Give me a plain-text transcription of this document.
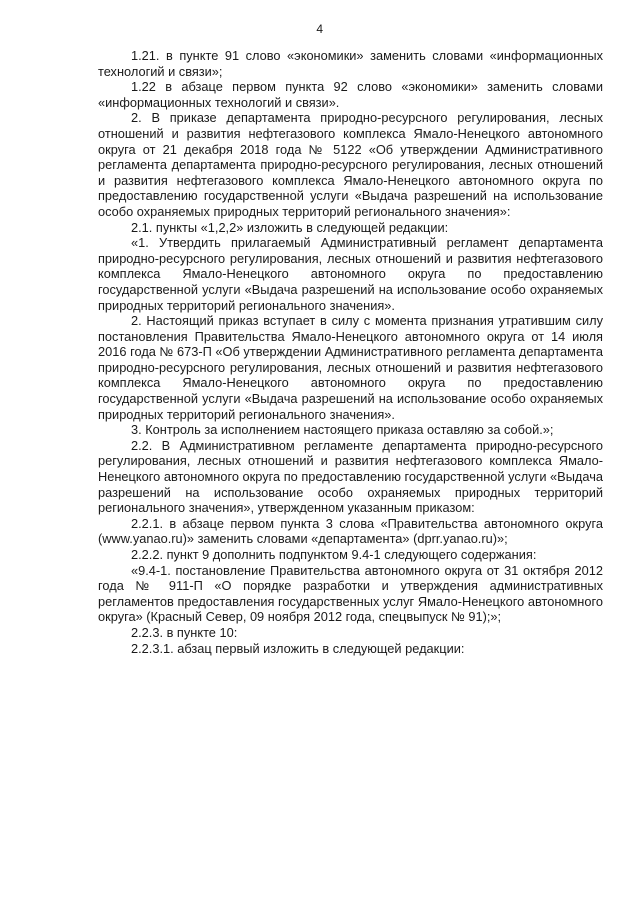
4

1.21. в пункте 91 слово «экономики» заменить словами «информационных технологий и связи»;

1.22 в абзаце первом пункта 92 слово «экономики» заменить словами «информационных технологий и связи».

2. В приказе департамента природно-ресурсного регулирования, лесных отношений и развития нефтегазового комплекса Ямало-Ненецкого автономного округа от 21 декабря 2018 года № 5122 «Об утверждении Административного регламента департамента природно-ресурсного регулирования, лесных отношений и развития нефтегазового комплекса Ямало-Ненецкого автономного округа по предоставлению государственной услуги «Выдача разрешений на использование особо охраняемых природных территорий регионального значения»:

2.1. пункты «1,2,2» изложить в следующей редакции:

«1. Утвердить прилагаемый Административный регламент департамента природно-ресурсного регулирования, лесных отношений и развития нефтегазового комплекса Ямало-Ненецкого автономного округа по предоставлению государственной услуги «Выдача разрешений на использование особо охраняемых природных территорий регионального значения».

2. Настоящий приказ вступает в силу с момента признания утратившим силу постановления Правительства Ямало-Ненецкого автономного округа от 14 июля 2016 года № 673-П «Об утверждении Административного регламента департамента природно-ресурсного регулирования, лесных отношений и развития нефтегазового комплекса Ямало-Ненецкого автономного округа по предоставлению государственной услуги «Выдача разрешений на использование особо охраняемых природных территорий регионального значения».

3. Контроль за исполнением настоящего приказа оставляю за собой.»;

2.2. В Административном регламенте департамента природно-ресурсного регулирования, лесных отношений и развития нефтегазового комплекса Ямало-Ненецкого автономного округа по предоставлению государственной услуги «Выдача разрешений на использование особо охраняемых природных территорий регионального значения», утвержденном указанным приказом:

2.2.1. в абзаце первом пункта 3 слова «Правительства автономного округа (www.yanao.ru)» заменить словами «департамента» (dprr.yanao.ru)»;

2.2.2. пункт 9 дополнить подпунктом 9.4-1 следующего содержания:

«9.4-1. постановление Правительства автономного округа от 31 октября 2012 года № 911-П «О порядке разработки и утверждения административных регламентов предоставления государственных услуг Ямало-Ненецкого автономного округа» (Красный Север, 09 ноября 2012 года, спецвыпуск № 91);»;

2.2.3. в пункте 10:

2.2.3.1. абзац первый изложить в следующей редакции:
